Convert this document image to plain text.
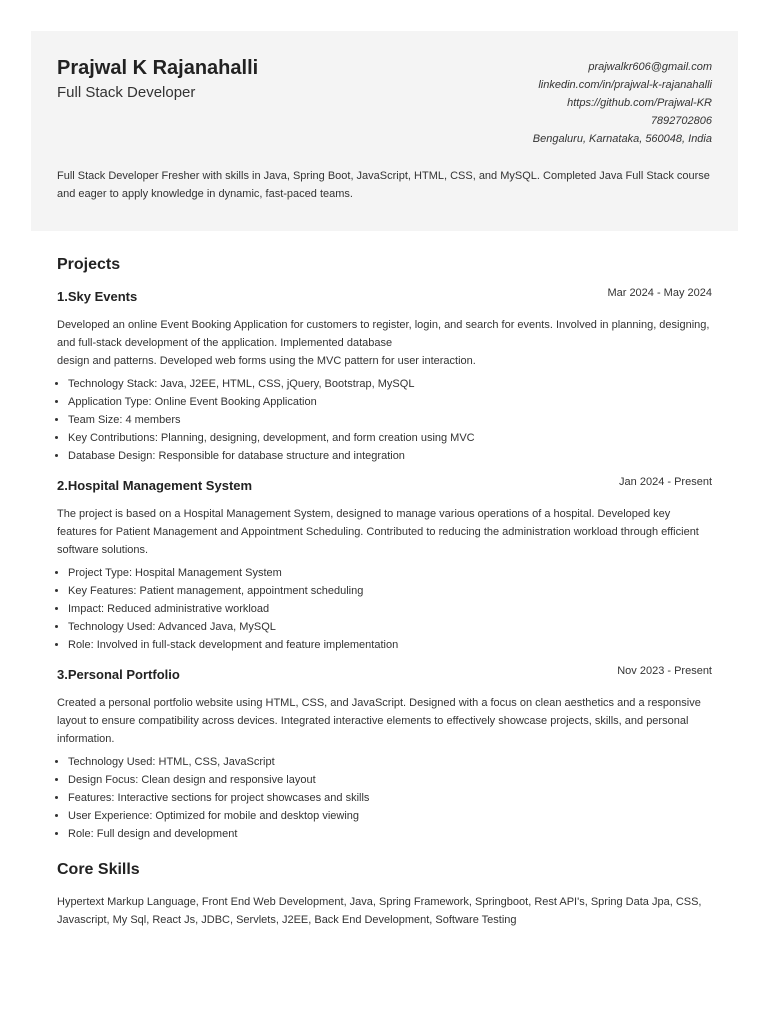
Prajwal K Rajanahalli
Full Stack Developer
prajwalkr606@gmail.com
linkedin.com/in/prajwal-k-rajanahalli
https://github.com/Prajwal-KR
7892702806
Bengaluru, Karnataka, 560048, India
Full Stack Developer Fresher with skills in Java, Spring Boot, JavaScript, HTML, CSS, and MySQL. Completed Java Full Stack course and eager to apply knowledge in dynamic, fast-paced teams.
Projects
1.Sky Events	Mar 2024 - May 2024
Developed an online Event Booking Application for customers to register, login, and search for events. Involved in planning, designing, and full-stack development of the application. Implemented database
design and patterns. Developed web forms using the MVC pattern for user interaction.
• Technology Stack: Java, J2EE, HTML, CSS, jQuery, Bootstrap, MySQL
• Application Type: Online Event Booking Application
• Team Size: 4 members
• Key Contributions: Planning, designing, development, and form creation using MVC
• Database Design: Responsible for database structure and integration
2.Hospital Management System	Jan 2024 - Present
The project is based on a Hospital Management System, designed to manage various operations of a hospital. Developed key features for Patient Management and Appointment Scheduling. Contributed to reducing the administration workload through efficient software solutions.
• Project Type: Hospital Management System
• Key Features: Patient management, appointment scheduling
• Impact: Reduced administrative workload
• Technology Used: Advanced Java, MySQL
• Role: Involved in full-stack development and feature implementation
3.Personal Portfolio	Nov 2023 - Present
Created a personal portfolio website using HTML, CSS, and JavaScript. Designed with a focus on clean aesthetics and a responsive layout to ensure compatibility across devices. Integrated interactive elements to effectively showcase projects, skills, and personal information.
• Technology Used: HTML, CSS, JavaScript
• Design Focus: Clean design and responsive layout
• Features: Interactive sections for project showcases and skills
• User Experience: Optimized for mobile and desktop viewing
• Role: Full design and development
Core Skills
Hypertext Markup Language, Front End Web Development, Java, Spring Framework, Springboot, Rest API's, Spring Data Jpa, CSS, Javascript, My Sql, React Js, JDBC, Servlets, J2EE, Back End Development, Software Testing
